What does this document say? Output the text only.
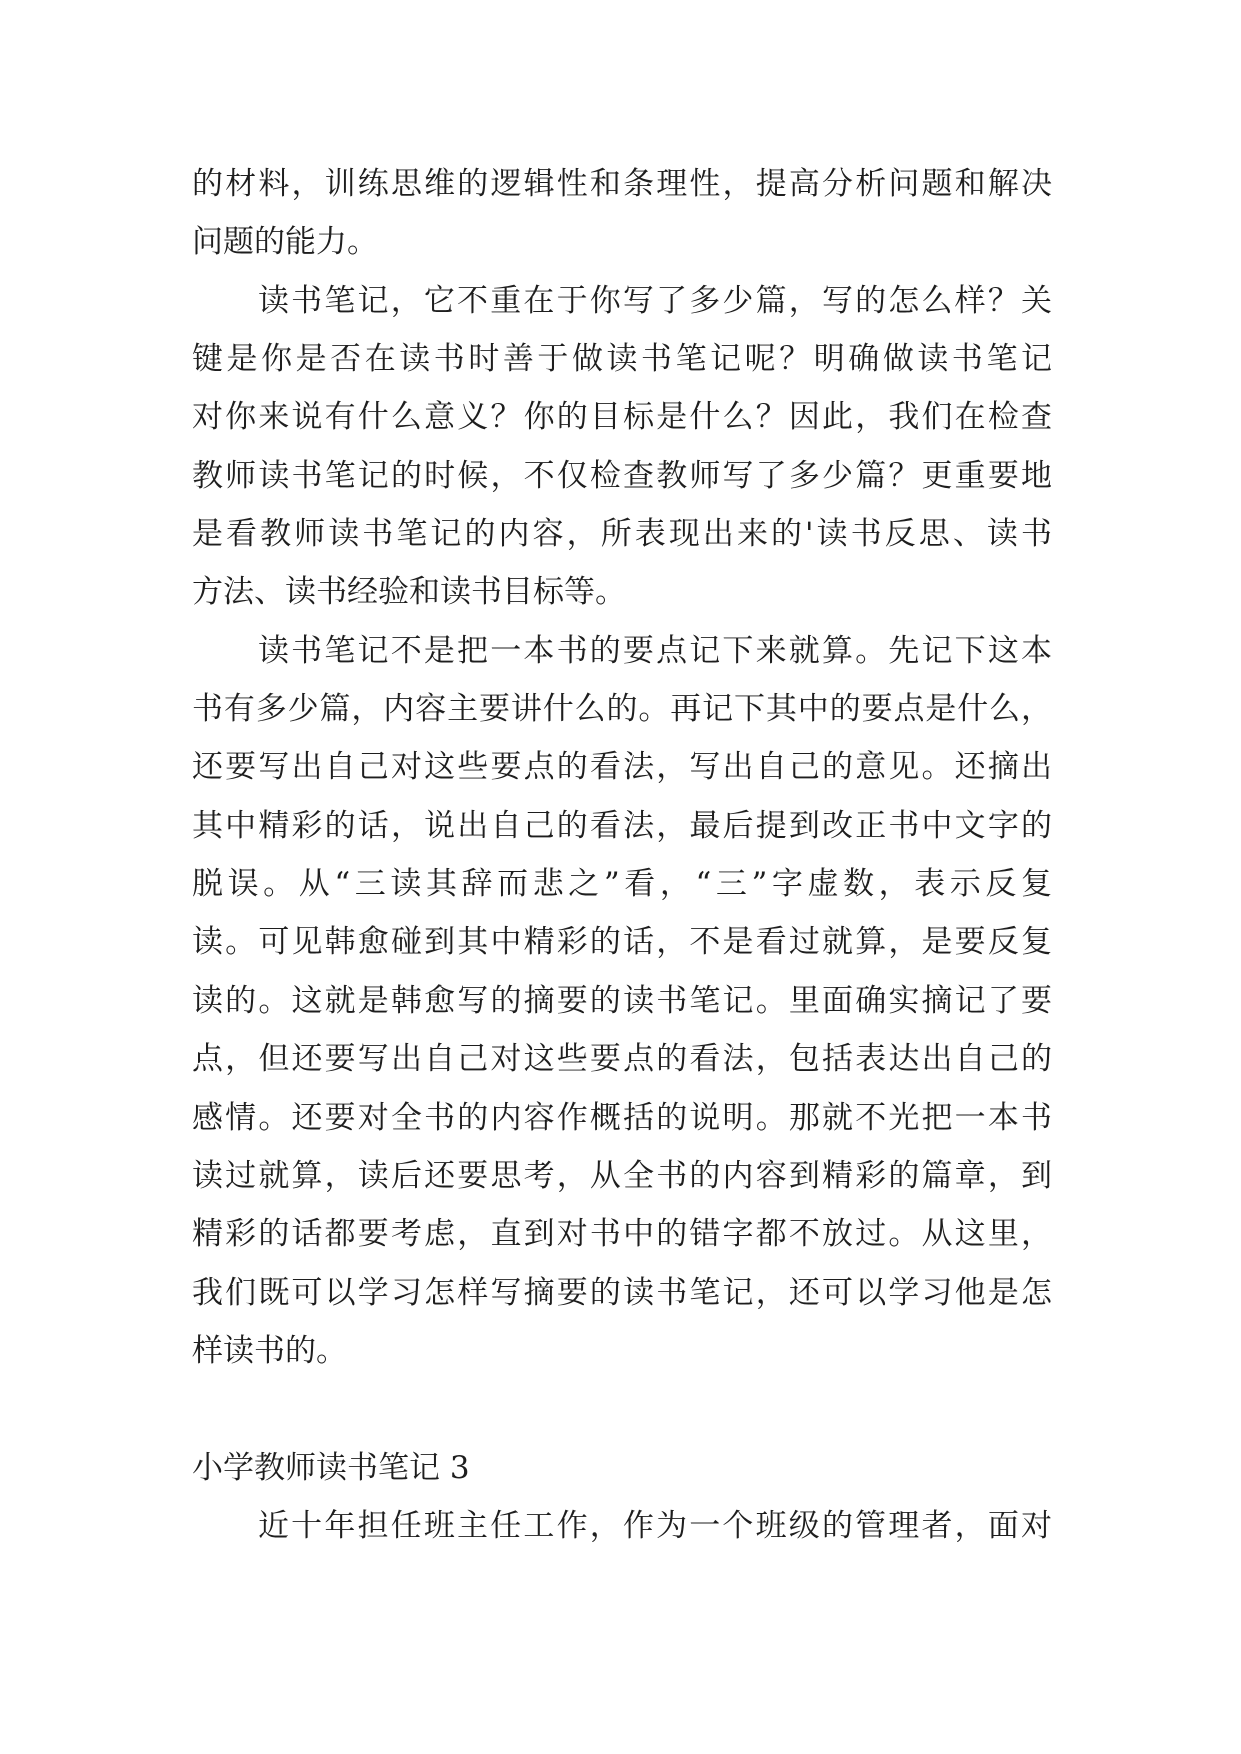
的材料，训练思维的逻辑性和条理性，提高分析问题和解决
问题的能力。
读书笔记，它不重在于你写了多少篇，写的怎么样？关
键是你是否在读书时善于做读书笔记呢？明确做读书笔记
对你来说有什么意义？你的目标是什么？因此，我们在检查
教师读书笔记的时候，不仅检查教师写了多少篇？更重要地
是看教师读书笔记的内容，所表现出来的'读书反思、读书
方法、读书经验和读书目标等。
读书笔记不是把一本书的要点记下来就算。先记下这本
书有多少篇，内容主要讲什么的。再记下其中的要点是什么，
还要写出自己对这些要点的看法，写出自己的意见。还摘出
其中精彩的话，说出自己的看法，最后提到改正书中文字的
脱误。从“三读其辞而悲之”看，“三”字虚数，表示反复
读。可见韩愈碰到其中精彩的话，不是看过就算，是要反复
读的。这就是韩愈写的摘要的读书笔记。里面确实摘记了要
点，但还要写出自己对这些要点的看法，包括表达出自己的
感情。还要对全书的内容作概括的说明。那就不光把一本书
读过就算，读后还要思考，从全书的内容到精彩的篇章，到
精彩的话都要考虑，直到对书中的错字都不放过。从这里，
我们既可以学习怎样写摘要的读书笔记，还可以学习他是怎
样读书的。
小学教师读书笔记 3
近十年担任班主任工作，作为一个班级的管理者，面对
